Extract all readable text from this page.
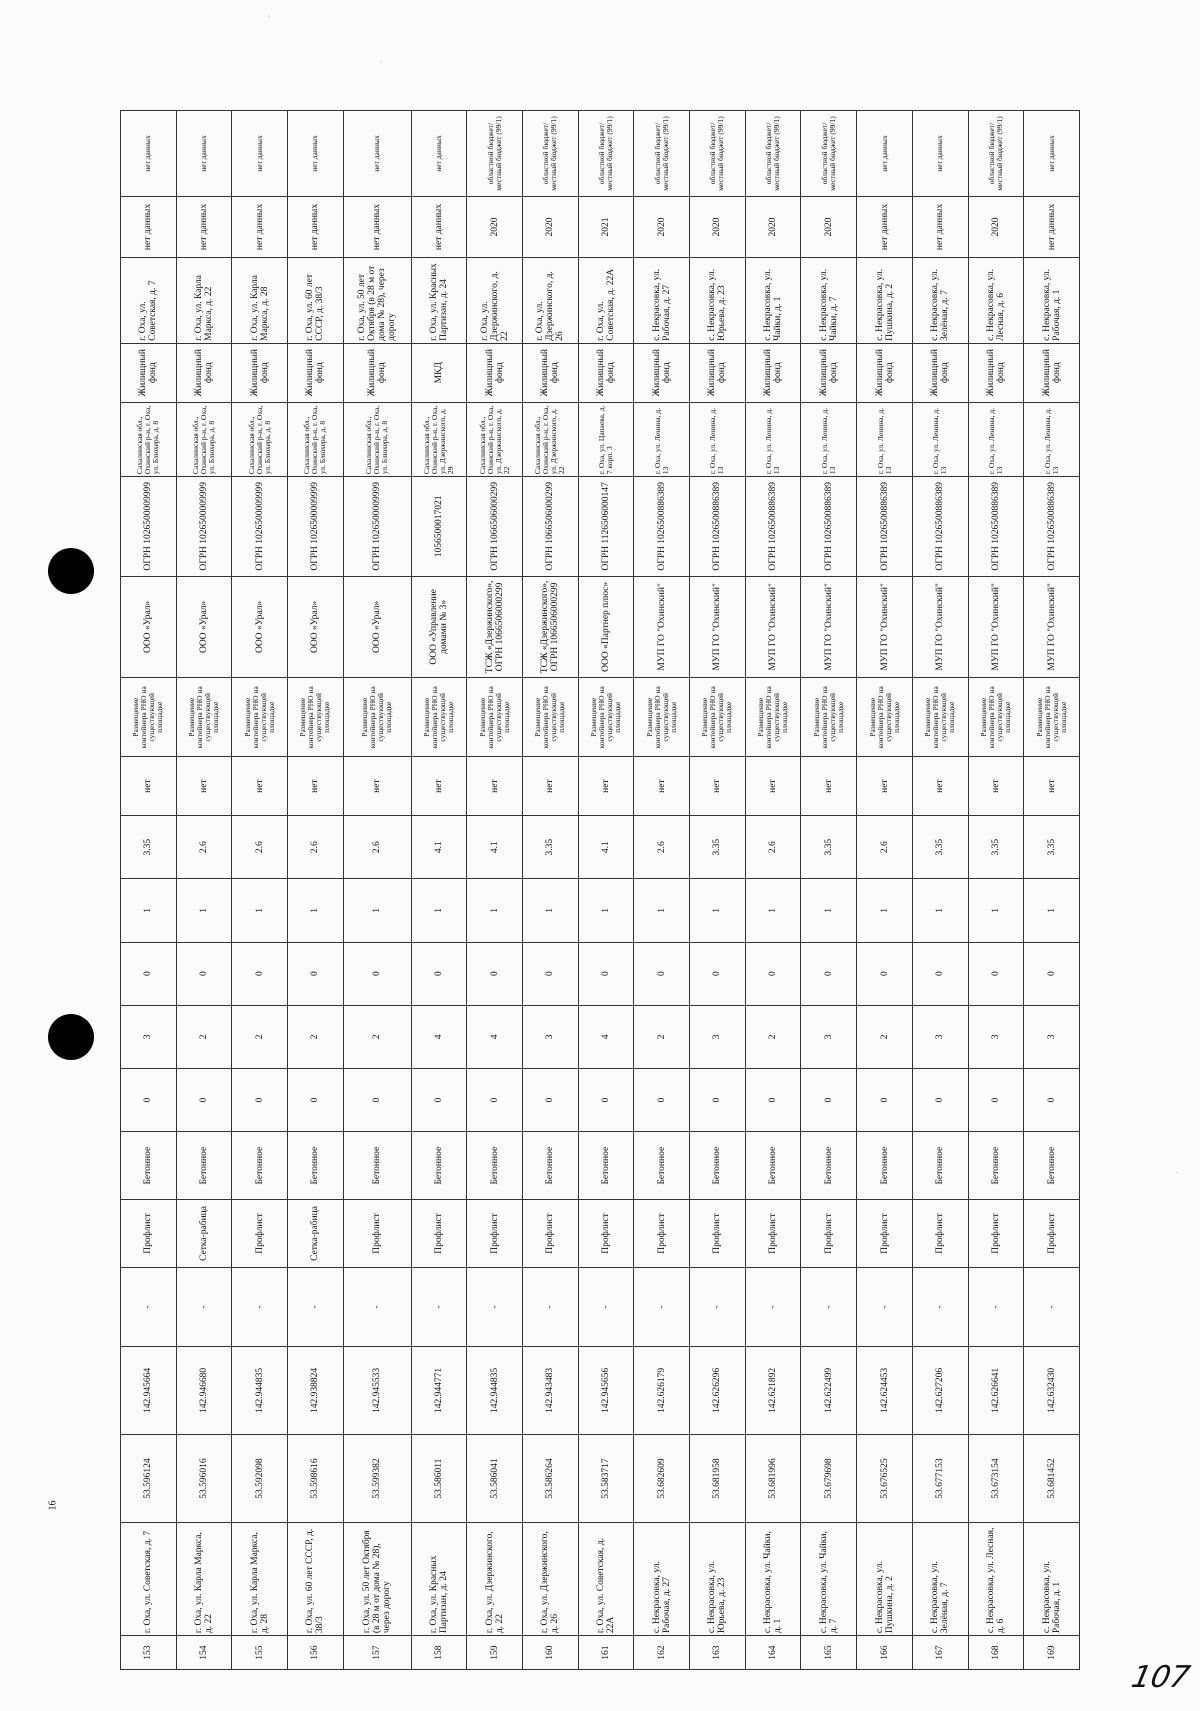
153	г. Оха, ул. Советская, д. 7	53.596124	142.945664	-	Профлист	Бетонное	0	3	0	1	3.35	нет	Размещение контейнера РНО на существующей площадке	ООО «Урал»	ОГРН 1026500009999	Сахалинская обл., Охинский р-н, г. Оха, ул. Блюхера, д. 8	Жилищный фонд	г. Оха, ул. Советская, д. 7	нет данных	нет данных
154	г. Оха, ул. Карла Маркса, д. 22	53.596016	142.946680	-	Сетка-рабица	Бетонное	0	2	0	1	2.6	нет	Размещение контейнера РНО на существующей площадке	ООО «Урал»	ОГРН 1026500009999	Сахалинская обл., Охинский р-н, г. Оха, ул. Блюхера, д. 8	Жилищный фонд	г. Оха, ул. Карла Маркса, д. 22	нет данных	нет данных
155	г. Оха, ул. Карла Маркса, д. 28	53.592098	142.944835	-	Профлист	Бетонное	0	2	0	1	2.6	нет	Размещение контейнера РНО на существующей площадке	ООО «Урал»	ОГРН 1026500009999	Сахалинская обл., Охинский р-н, г. Оха, ул. Блюхера, д. 8	Жилищный фонд	г. Оха, ул. Карла Маркса, д. 28	нет данных	нет данных
156	г. Оха, ул. 60 лет СССР, д. 38/3	53.598616	142.938824	-	Сетка-рабица	Бетонное	0	2	0	1	2.6	нет	Размещение контейнера РНО на существующей площадке	ООО «Урал»	ОГРН 1026500009999	Сахалинская обл., Охинский р-н, г. Оха, ул. Блюхера, д. 8	Жилищный фонд	г. Оха, ул. 60 лет СССР, д. 38/3	нет данных	нет данных
157	г. Оха, ул. 50 лет Октября (в 28 м от дома № 28), через дорогу	53.599382	142.945533	-	Профлист	Бетонное	0	2	0	1	2.6	нет	Размещение контейнера РНО на существующей площадке	ООО «Урал»	ОГРН 1026500009999	Сахалинская обл., Охинский р-н, г. Оха, ул. Блюхера, д. 8	Жилищный фонд	г. Оха, ул. 50 лет Октября (в 28 м от дома № 28), через дорогу	нет данных	нет данных
158	г. Оха, ул. Красных Партизан, д. 24	53.586011	142.944771	-	Профлист	Бетонное	0	4	0	1	4.1	нет	Размещение контейнера РНО на существующей площадке	ООО «Управление домами № 3»	1056500017021	Сахалинская обл., Охинский р-н, г. Оха, ул. Дзержинского, д. 29	МКД	г. Оха, ул. Красных Партизан, д. 24	нет данных	нет данных
159	г. Оха, ул. Дзержинского, д. 22	53.586041	142.944835	-	Профлист	Бетонное	0	4	0	1	4.1	нет	Размещение контейнера РНО на существующей площадке	ТСЖ «Дзержинского», ОГРН 1066506000299	ОГРН 1066506000299	Сахалинская обл., Охинский р-н, г. Оха, ул. Дзержинского, д. 22	Жилищный фонд	г. Оха, ул. Дзержинского, д. 22	2020	областной бюджет/местный бюджет (99/1)
160	г. Оха, ул. Дзержинского, д. 26	53.586264	142.943483	-	Профлист	Бетонное	0	3	0	1	3.35	нет	Размещение контейнера РНО на существующей площадке	ТСЖ «Дзержинского», ОГРН 1066506000299	ОГРН 1066506000299	Сахалинская обл., Охинский р-н, г. Оха, ул. Дзержинского, д. 22	Жилищный фонд	г. Оха, ул. Дзержинского, д. 26	2020	областной бюджет/местный бюджет (99/1)
161	г. Оха, ул. Советская, д. 22А	53.583717	142.945656	-	Профлист	Бетонное	0	4	0	1	4.1	нет	Размещение контейнера РНО на существующей площадке	ООО «Партнер плюс»	ОГРН 1126506000147	г. Оха, ул. Цапаева, д. 7 корп. 3	Жилищный фонд	г. Оха, ул. Советская, д. 22А	2021	областной бюджет/местный бюджет (99/1)
162	с. Некрасовка, ул. Рабочая, д. 27	53.682609	142.626179	-	Профлист	Бетонное	0	2	0	1	2.6	нет	Размещение контейнера РНО на существующей площадке	МУП ГО "Охинский"	ОГРН 1026500886389	г. Оха, ул. Ленина, д. 13	Жилищный фонд	с. Некрасовка, ул. Рабочая, д. 27	2020	областной бюджет/местный бюджет (99/1)
163	с. Некрасовка, ул. Юрьева, д. 23	53.681958	142.626296	-	Профлист	Бетонное	0	3	0	1	3.35	нет	Размещение контейнера РНО на существующей площадке	МУП ГО "Охинский"	ОГРН 1026500886389	г. Оха, ул. Ленина, д. 13	Жилищный фонд	с. Некрасовка, ул. Юрьева, д. 23	2020	областной бюджет/местный бюджет (99/1)
164	с. Некрасовка, ул. Чайки, д. 1	53.681996	142.621892	-	Профлист	Бетонное	0	2	0	1	2.6	нет	Размещение контейнера РНО на существующей площадке	МУП ГО "Охинский"	ОГРН 1026500886389	г. Оха, ул. Ленина, д. 13	Жилищный фонд	с. Некрасовка, ул. Чайки, д. 1	2020	областной бюджет/местный бюджет (99/1)
165	с. Некрасовка, ул. Чайки, д. 7	53.679698	142.622499	-	Профлист	Бетонное	0	3	0	1	3.35	нет	Размещение контейнера РНО на существующей площадке	МУП ГО "Охинский"	ОГРН 1026500886389	г. Оха, ул. Ленина, д. 13	Жилищный фонд	с. Некрасовка, ул. Чайки, д. 7	2020	областной бюджет/местный бюджет (99/1)
166	с. Некрасовка, ул. Пушкина, д. 2	53.676525	142.624453	-	Профлист	Бетонное	0	2	0	1	2.6	нет	Размещение контейнера РНО на существующей площадке	МУП ГО "Охинский"	ОГРН 1026500886389	г. Оха, ул. Ленина, д. 13	Жилищный фонд	с. Некрасовка, ул. Пушкина, д. 2	нет данных	нет данных
167	с. Некрасовка, ул. Зелёная, д. 7	53.677153	142.627206	-	Профлист	Бетонное	0	3	0	1	3.35	нет	Размещение контейнера РНО на существующей площадке	МУП ГО "Охинский"	ОГРН 1026500886389	г. Оха, ул. Ленина, д. 13	Жилищный фонд	с. Некрасовка, ул. Зелёная, д. 7	нет данных	нет данных
168	с. Некрасовка, ул. Лесная, д. 6	53.673154	142.626641	-	Профлист	Бетонное	0	3	0	1	3.35	нет	Размещение контейнера РНО на существующей площадке	МУП ГО "Охинский"	ОГРН 1026500886389	г. Оха, ул. Ленина, д. 13	Жилищный фонд	с. Некрасовка, ул. Лесная, д. 6	2020	областной бюджет/местный бюджет (99/1)
169	с. Некрасовка, ул. Рабочая, д. 1	53.681452	142.632430	-	Профлист	Бетонное	0	3	0	1	3.35	нет	Размещение контейнера РНО на существующей площадке	МУП ГО "Охинский"	ОГРН 1026500886389	г. Оха, ул. Ленина, д. 13	Жилищный фонд	с. Некрасовка, ул. Рабочая, д. 1	нет данных	нет данных
·
·
·
·
16
107
